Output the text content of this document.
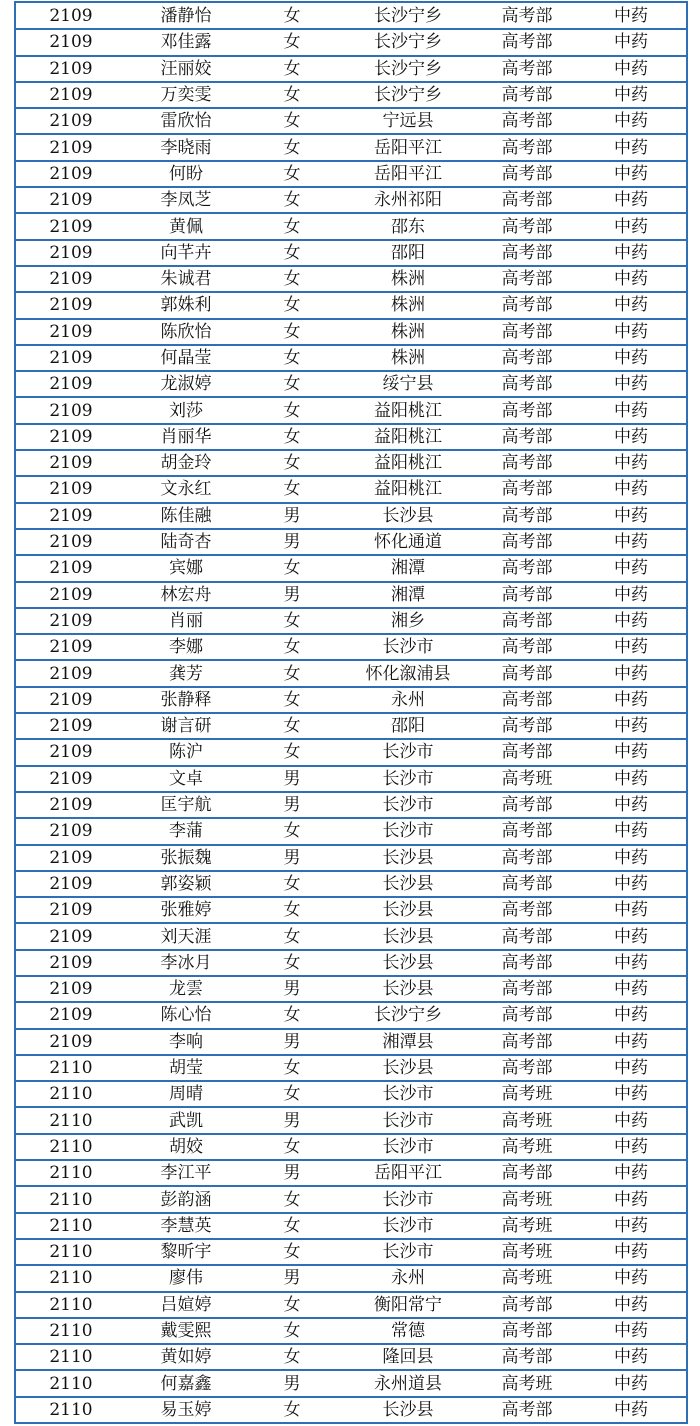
2109	潘静怡	女	长沙宁乡	高考部	中药
2109	邓佳露	女	长沙宁乡	高考部	中药
2109	汪丽姣	女	长沙宁乡	高考部	中药
2109	万奕雯	女	长沙宁乡	高考部	中药
2109	雷欣怡	女	宁远县	高考部	中药
2109	李晓雨	女	岳阳平江	高考部	中药
2109	何盼	女	岳阳平江	高考部	中药
2109	李凤芝	女	永州祁阳	高考部	中药
2109	黄佩	女	邵东	高考部	中药
2109	向芊卉	女	邵阳	高考部	中药
2109	朱诚君	女	株洲	高考部	中药
2109	郭姝利	女	株洲	高考部	中药
2109	陈欣怡	女	株洲	高考部	中药
2109	何晶莹	女	株洲	高考部	中药
2109	龙淑婷	女	绥宁县	高考部	中药
2109	刘莎	女	益阳桃江	高考部	中药
2109	肖丽华	女	益阳桃江	高考部	中药
2109	胡金玲	女	益阳桃江	高考部	中药
2109	文永红	女	益阳桃江	高考部	中药
2109	陈佳融	男	长沙县	高考部	中药
2109	陆奇杏	男	怀化通道	高考部	中药
2109	宾娜	女	湘潭	高考部	中药
2109	林宏舟	男	湘潭	高考部	中药
2109	肖丽	女	湘乡	高考部	中药
2109	李娜	女	长沙市	高考部	中药
2109	龚芳	女	怀化溆浦县	高考部	中药
2109	张静释	女	永州	高考部	中药
2109	谢言研	女	邵阳	高考部	中药
2109	陈沪	女	长沙市	高考部	中药
2109	文卓	男	长沙市	高考班	中药
2109	匡宇航	男	长沙市	高考部	中药
2109	李蒲	女	长沙市	高考部	中药
2109	张振魏	男	长沙县	高考部	中药
2109	郭姿颖	女	长沙县	高考部	中药
2109	张雅婷	女	长沙县	高考部	中药
2109	刘天涯	女	长沙县	高考部	中药
2109	李冰月	女	长沙县	高考部	中药
2109	龙雲	男	长沙县	高考部	中药
2109	陈心怡	女	长沙宁乡	高考部	中药
2109	李响	男	湘潭县	高考部	中药
2110	胡莹	女	长沙县	高考部	中药
2110	周晴	女	长沙市	高考班	中药
2110	武凯	男	长沙市	高考班	中药
2110	胡姣	女	长沙市	高考班	中药
2110	李江平	男	岳阳平江	高考部	中药
2110	彭韵涵	女	长沙市	高考班	中药
2110	李慧英	女	长沙市	高考班	中药
2110	黎昕宇	女	长沙市	高考班	中药
2110	廖伟	男	永州	高考班	中药
2110	吕媗婷	女	衡阳常宁	高考部	中药
2110	戴雯熙	女	常德	高考部	中药
2110	黄如婷	女	隆回县	高考部	中药
2110	何嘉鑫	男	永州道县	高考班	中药
2110	易玉婷	女	长沙县	高考部	中药
